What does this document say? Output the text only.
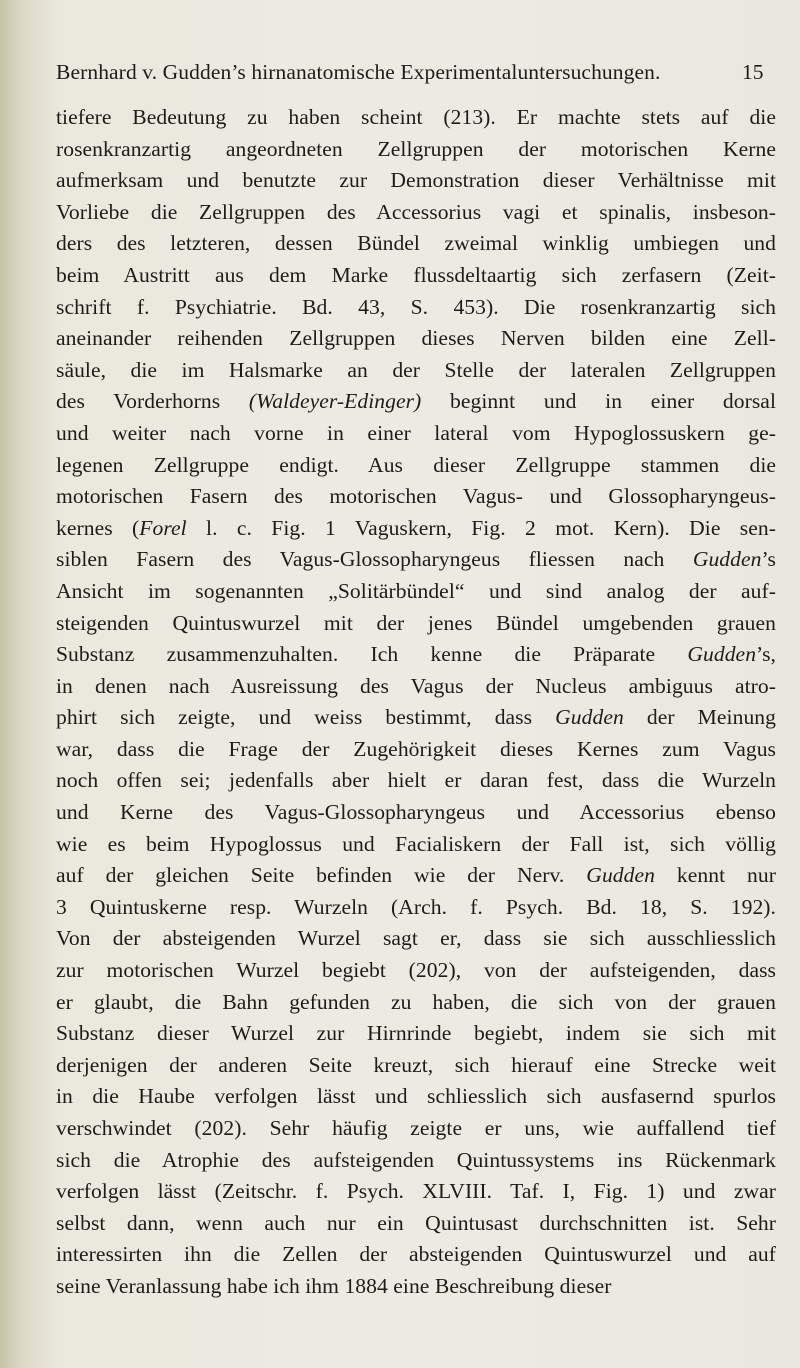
Bernhard v. Gudden’s hirnanatomische Experimentaluntersuchungen.	15
tiefere Bedeutung zu haben scheint (213). Er machte stets auf die
rosenkranzartig angeordneten Zellgruppen der motorischen Kerne
aufmerksam und benutzte zur Demonstration dieser Verhältnisse mit
Vorliebe die Zellgruppen des Accessorius vagi et spinalis, insbeson-
ders des letzteren, dessen Bündel zweimal winklig umbiegen und
beim Austritt aus dem Marke flussdeltaartig sich zerfasern (Zeit-
schrift f. Psychiatrie. Bd. 43, S. 453). Die rosenkranzartig sich
aneinander reihenden Zellgruppen dieses Nerven bilden eine Zell-
säule, die im Halsmarke an der Stelle der lateralen Zellgruppen
des Vorderhorns (Waldeyer-Edinger) beginnt und in einer dorsal
und weiter nach vorne in einer lateral vom Hypoglossuskern ge-
legenen Zellgruppe endigt. Aus dieser Zellgruppe stammen die
motorischen Fasern des motorischen Vagus- und Glossopharyngeus-
kernes (Forel l. c. Fig. 1 Vaguskern, Fig. 2 mot. Kern). Die sen-
siblen Fasern des Vagus-Glossopharyngeus fliessen nach Gudden’s
Ansicht im sogenannten „Solitärbündel“ und sind analog der auf-
steigenden Quintuswurzel mit der jenes Bündel umgebenden grauen
Substanz zusammenzuhalten. Ich kenne die Präparate Gudden’s,
in denen nach Ausreissung des Vagus der Nucleus ambiguus atro-
phirt sich zeigte, und weiss bestimmt, dass Gudden der Meinung
war, dass die Frage der Zugehörigkeit dieses Kernes zum Vagus
noch offen sei; jedenfalls aber hielt er daran fest, dass die Wurzeln
und Kerne des Vagus-Glossopharyngeus und Accessorius ebenso
wie es beim Hypoglossus und Facialiskern der Fall ist, sich völlig
auf der gleichen Seite befinden wie der Nerv. Gudden kennt nur
3 Quintuskerne resp. Wurzeln (Arch. f. Psych. Bd. 18, S. 192).
Von der absteigenden Wurzel sagt er, dass sie sich ausschliesslich
zur motorischen Wurzel begiebt (202), von der aufsteigenden, dass
er glaubt, die Bahn gefunden zu haben, die sich von der grauen
Substanz dieser Wurzel zur Hirnrinde begiebt, indem sie sich mit
derjenigen der anderen Seite kreuzt, sich hierauf eine Strecke weit
in die Haube verfolgen lässt und schliesslich sich ausfasernd spurlos
verschwindet (202). Sehr häufig zeigte er uns, wie auffallend tief
sich die Atrophie des aufsteigenden Quintussystems ins Rückenmark
verfolgen lässt (Zeitschr. f. Psych. XLVIII. Taf. I, Fig. 1) und zwar
selbst dann, wenn auch nur ein Quintusast durchschnitten ist. Sehr
interessirten ihn die Zellen der absteigenden Quintuswurzel und auf
seine Veranlassung habe ich ihm 1884 eine Beschreibung dieser
